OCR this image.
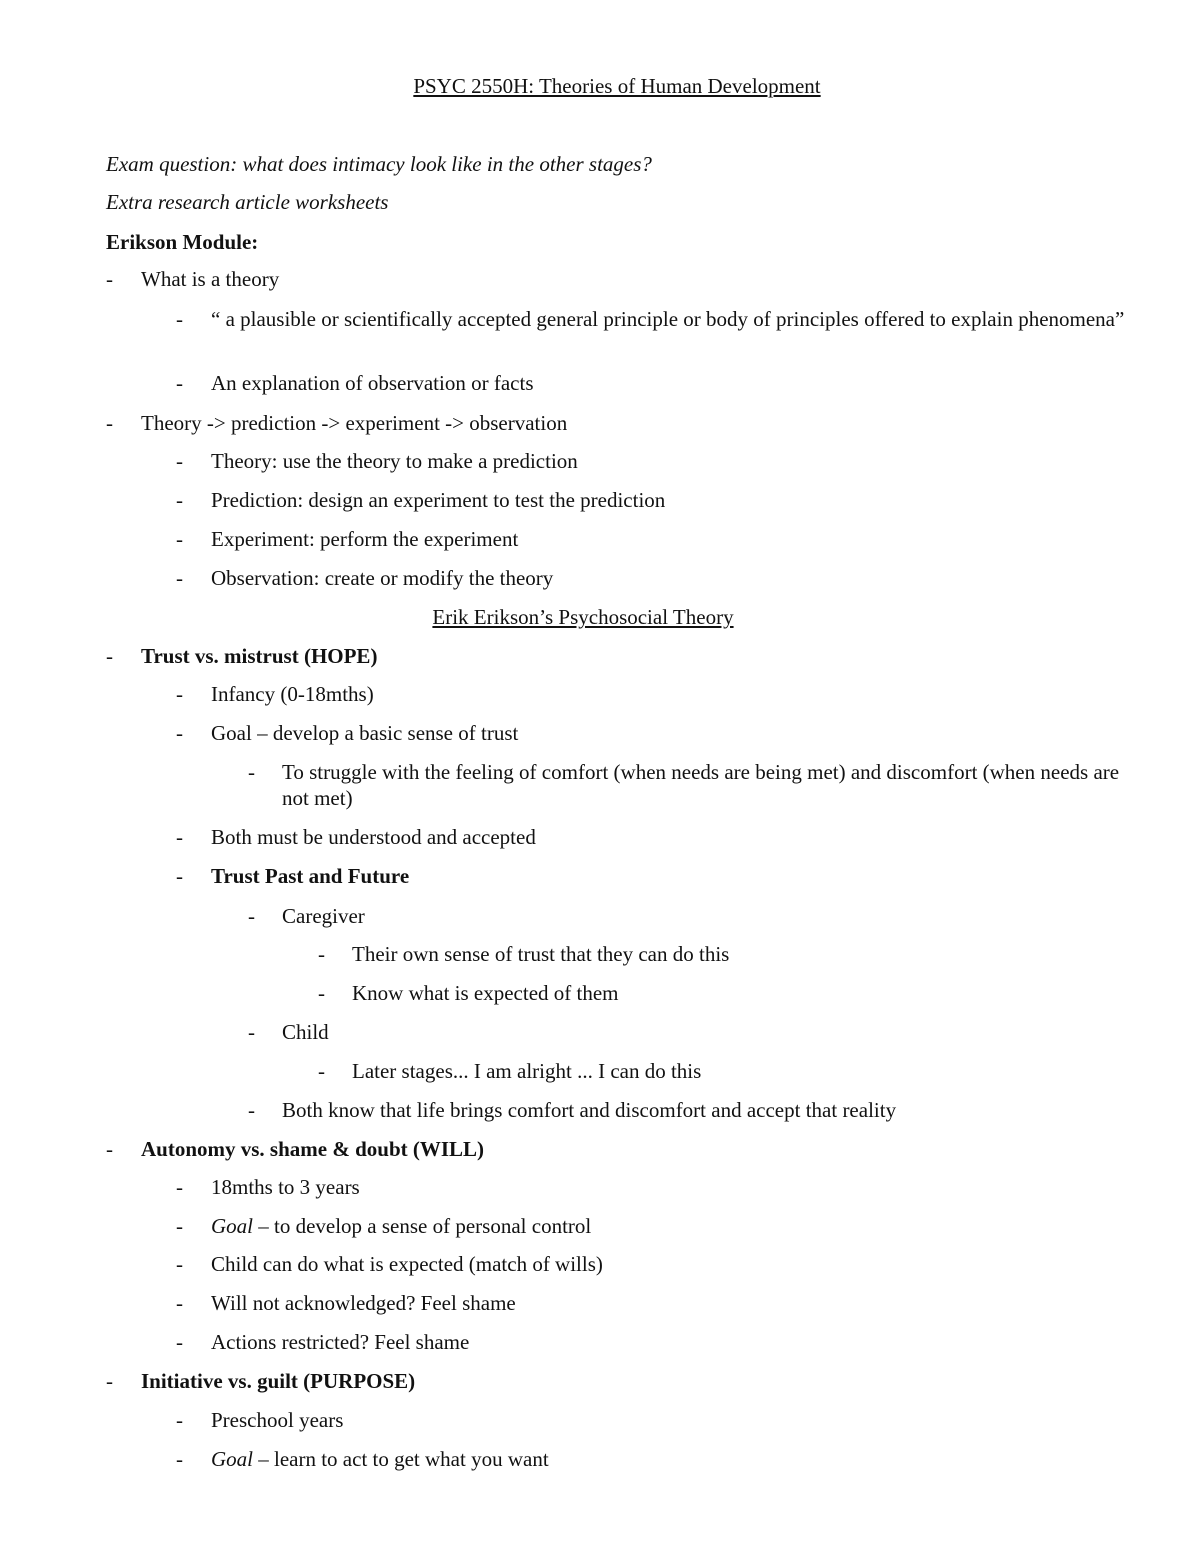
PSYC 2550H: Theories of Human Development
Exam question: what does intimacy look like in the other stages?
Extra research article worksheets
Erikson Module:
Erik Erikson’s Psychosocial Theory
- What is a theory
- “ a plausible or scientifically accepted general principle or body of principles offered to explain phenomena”
- An explanation of observation or facts
- Theory -> prediction -> experiment -> observation
- Theory: use the theory to make a prediction
- Prediction: design an experiment to test the prediction
- Experiment: perform the experiment
- Observation: create or modify the theory
- Trust vs. mistrust (HOPE)
- Infancy (0-18mths)
- Goal – develop a basic sense of trust
- To struggle with the feeling of comfort (when needs are being met) and discomfort (when needs are not met)
- Both must be understood and accepted
- Trust Past and Future
- Caregiver
- Their own sense of trust that they can do this
- Know what is expected of them
- Child
- Later stages... I am alright ... I can do this
- Both know that life brings comfort and discomfort and accept that reality
- Autonomy vs. shame & doubt (WILL)
- 18mths to 3 years
- Goal – to develop a sense of personal control
- Child can do what is expected (match of wills)
- Will not acknowledged? Feel shame
- Actions restricted? Feel shame
- Initiative vs. guilt (PURPOSE)
- Preschool years
- Goal – learn to act to get what you want
